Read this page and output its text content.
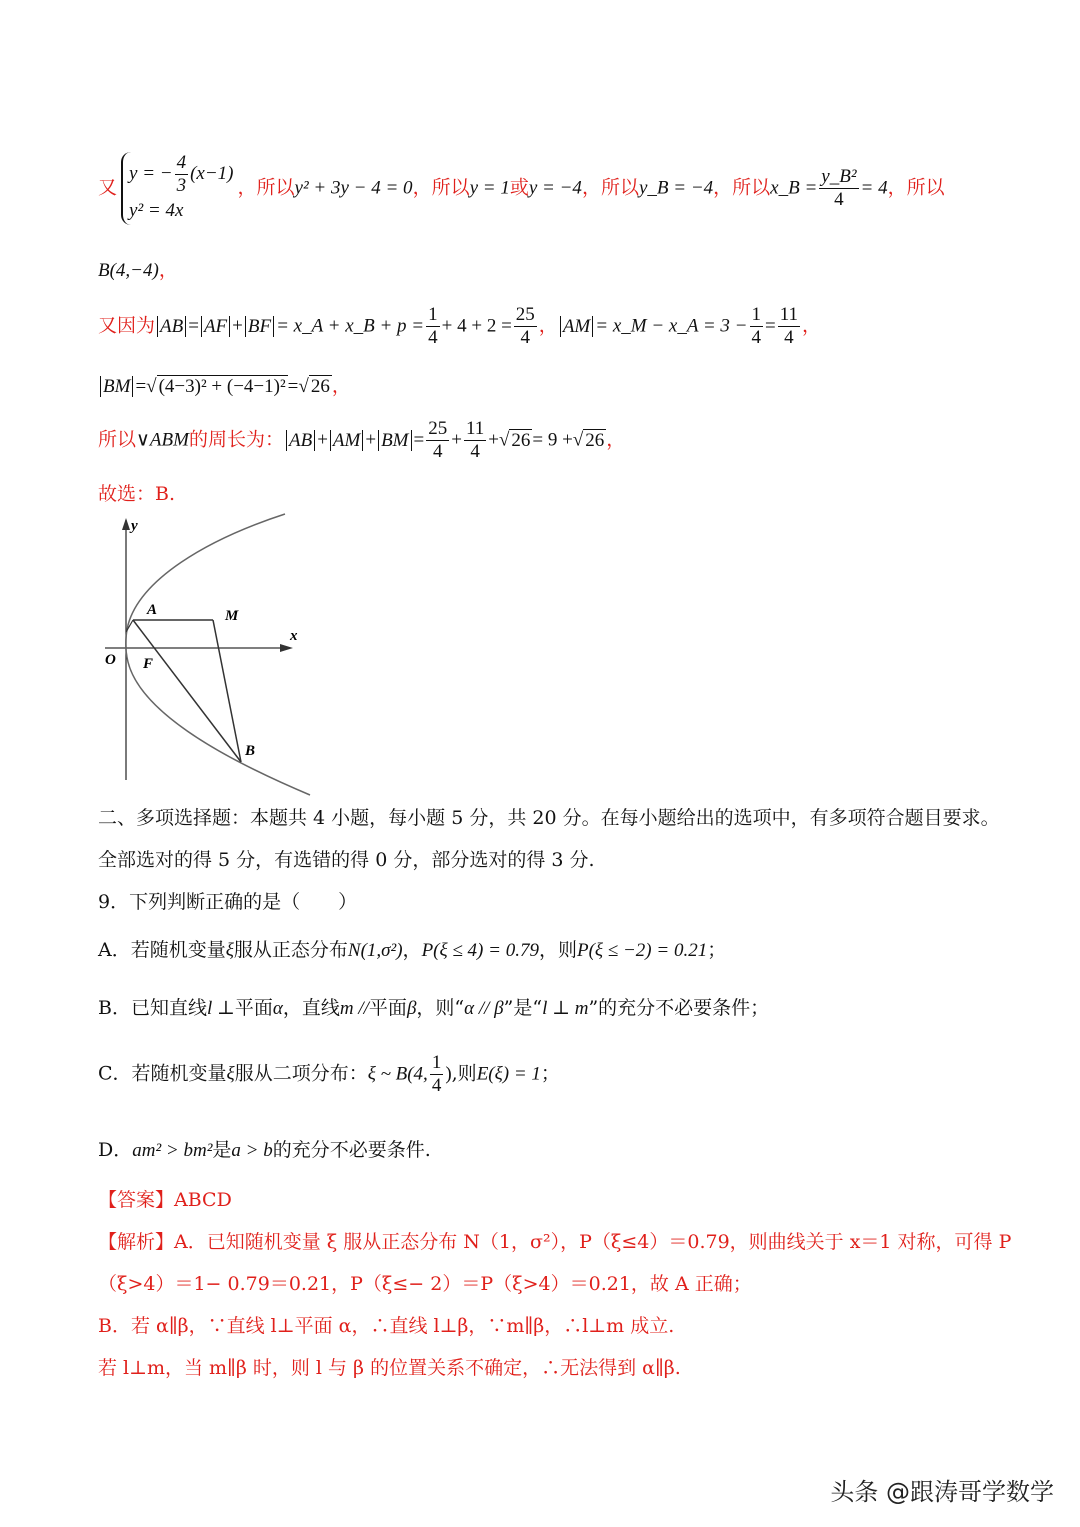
又
y = − $\frac{4}{3} (x-1)$
y² = 4x
，所以y² + 3y − 4 = 0，所以y = 1或y = −4，所以y_B = −4，所以x_B = $\frac{\text{y\_B²}}{4} = 4$，所以
B(4,−4)，
又因为 AB = AF + BF = x_A + x_B + $p = \frac{1}{4} + 4 + 2 = \frac{25}{4}$ ， AM = x_M − x_A = $3 - \frac{1}{4} = \frac{11}{4}$ ，
BM =√ (4−3)² + (−4−1)² =√ 26 ，
所以∨ABM的周长为： AB + AM + BM = $\frac{25}{4} + \frac{11}{4}$ +√ 26 = 9 +√ 26 ，
故选：B.
y
x
O
A	M
F
B
二、多项选择题：本题共 4 小题，每小题 5 分，共 20 分。在每小题给出的选项中，有多项符合题目要求。
全部选对的得 5 分，有选错的得 0 分，部分选对的得 3 分.
9．下列判断正确的是（　　）
A．若随机变量ξ服从正态分布N(1,σ²)，P(ξ ≤ 4) = 0.79，则P(ξ ≤ −2) = 0.21；
B．已知直线l ⊥平面α，直线m //平面β，则“α // β”是“l ⊥ m”的充分不必要条件；
C．若随机变量ξ服从二项分布：ξ ~ B(4, $\frac{1}{4}$ ),则E(ξ) = 1；
D．am² > bm²是a > b的充分不必要条件.
【答案】ABCD
【解析】A．已知随机变量 ξ 服从正态分布 N（1，σ²），P（ξ≤4）＝0.79，则曲线关于 x＝1 对称，可得 P
（ξ>4）＝1− 0.79＝0.21，P（ξ≤− 2）＝P（ξ>4）＝0.21，故 A 正确；
B．若 α∥β，∵直线 l⊥平面 α，∴直线 l⊥β，∵m∥β，∴l⊥m 成立.
若 l⊥m，当 m∥β 时，则 l 与 β 的位置关系不确定，∴无法得到 α∥β.
头条 @跟涛哥学数学
